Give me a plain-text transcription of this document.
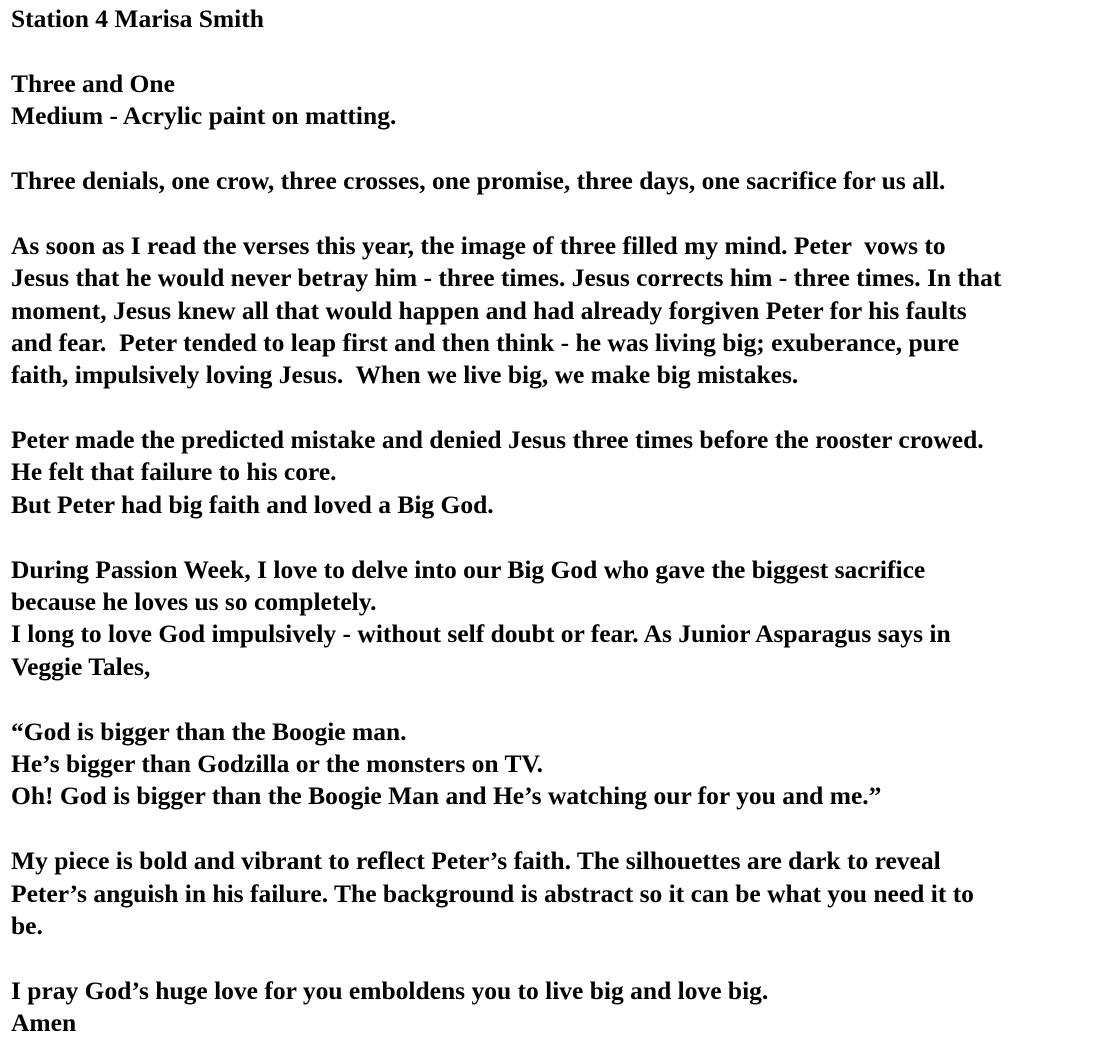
Station 4 Marisa Smith
Three and One
Medium - Acrylic paint on matting.
Three denials, one crow, three crosses, one promise, three days, one sacrifice for us all.
As soon as I read the verses this year, the image of three filled my mind. Peter  vows to
Jesus that he would never betray him - three times. Jesus corrects him - three times. In that
moment, Jesus knew all that would happen and had already forgiven Peter for his faults
and fear.  Peter tended to leap first and then think - he was living big; exuberance, pure
faith, impulsively loving Jesus.  When we live big, we make big mistakes.
Peter made the predicted mistake and denied Jesus three times before the rooster crowed.
He felt that failure to his core.
But Peter had big faith and loved a Big God.
During Passion Week, I love to delve into our Big God who gave the biggest sacrifice
because he loves us so completely.
I long to love God impulsively - without self doubt or fear. As Junior Asparagus says in
Veggie Tales,
“God is bigger than the Boogie man.
He’s bigger than Godzilla or the monsters on TV.
Oh! God is bigger than the Boogie Man and He’s watching our for you and me.”
My piece is bold and vibrant to reflect Peter’s faith. The silhouettes are dark to reveal
Peter’s anguish in his failure. The background is abstract so it can be what you need it to
be.
I pray God’s huge love for you emboldens you to live big and love big.
Amen
